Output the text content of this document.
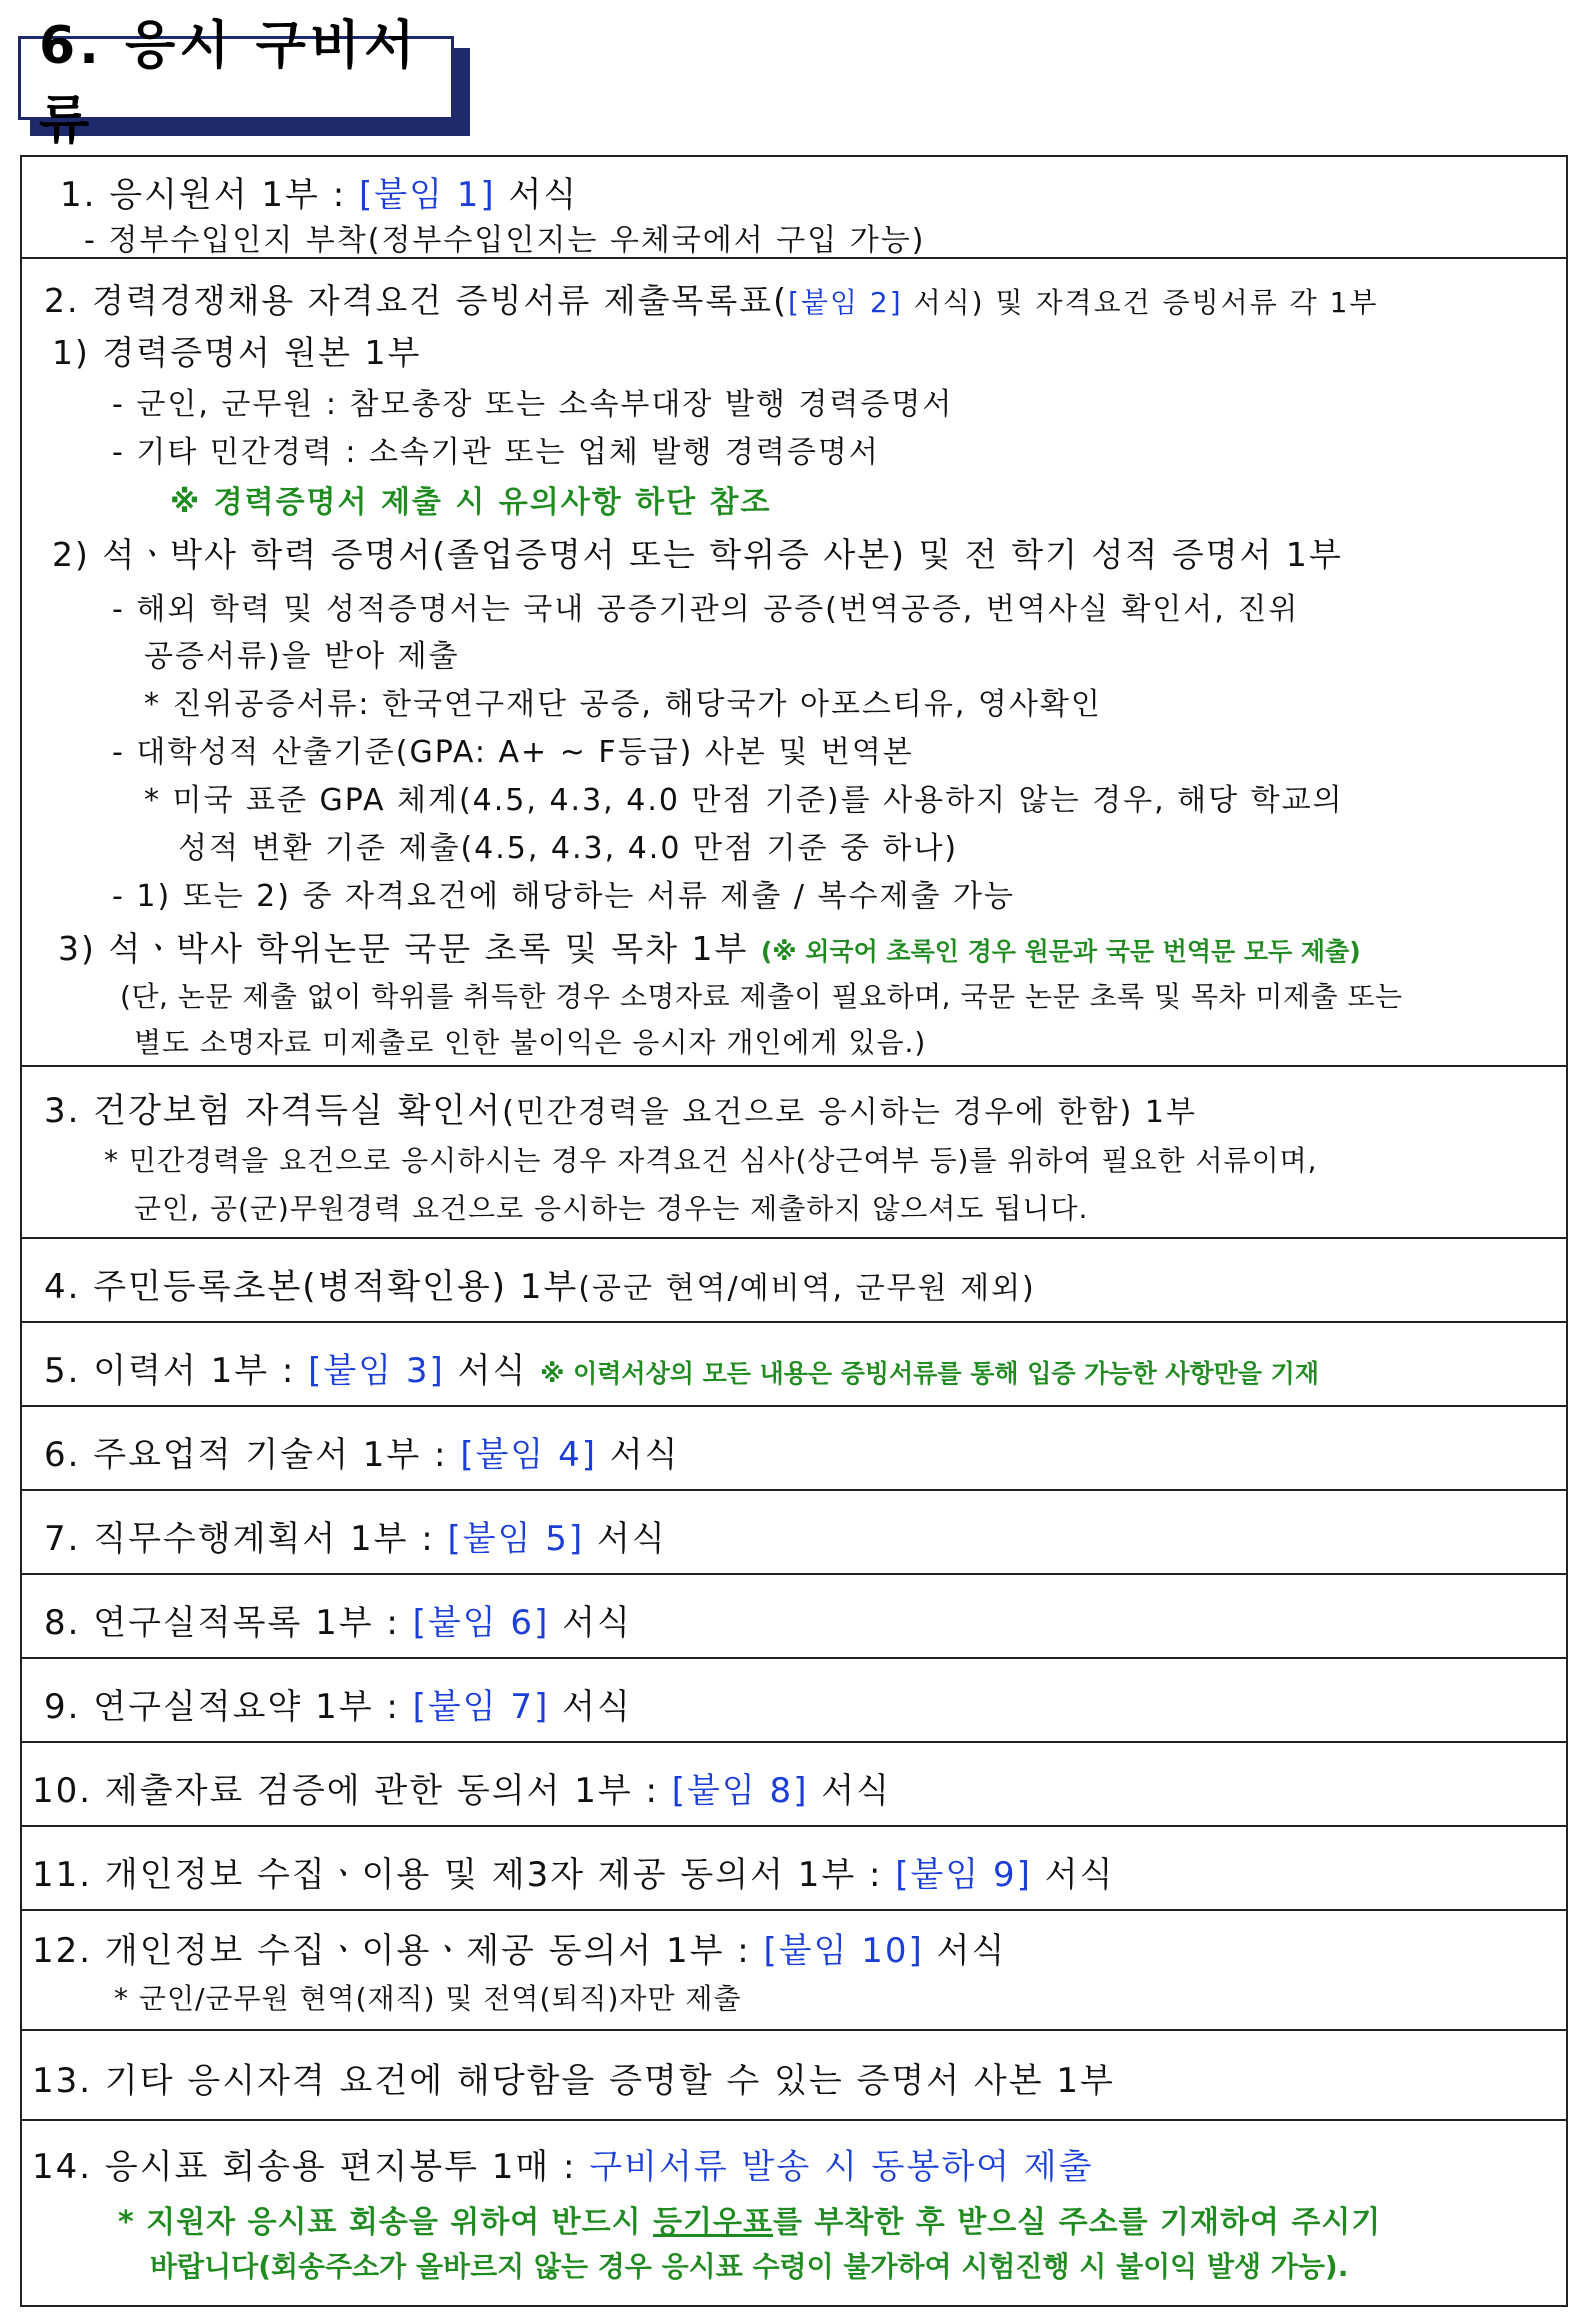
6. 응시 구비서류
1. 응시원서 1부 : [붙임 1] 서식
- 정부수입인지 부착(정부수입인지는 우체국에서 구입 가능)

2. 경력경쟁채용 자격요건 증빙서류 제출목록표([붙임 2] 서식) 및 자격요건 증빙서류 각 1부
1) 경력증명서 원본 1부
- 군인, 군무원 : 참모총장 또는 소속부대장 발행 경력증명서
- 기타 민간경력 : 소속기관 또는 업체 발행 경력증명서
※ 경력증명서 제출 시 유의사항 하단 참조
2) 석ㆍ박사 학력 증명서(졸업증명서 또는 학위증 사본) 및 전 학기 성적 증명서 1부
- 해외 학력 및 성적증명서는 국내 공증기관의 공증(번역공증, 번역사실 확인서, 진위
공증서류)을 받아 제출
* 진위공증서류: 한국연구재단 공증, 해당국가 아포스티유, 영사확인
- 대학성적 산출기준(GPA: A+ ~ F등급) 사본 및 번역본
* 미국 표준 GPA 체계(4.5, 4.3, 4.0 만점 기준)를 사용하지 않는 경우, 해당 학교의
성적 변환 기준 제출(4.5, 4.3, 4.0 만점 기준 중 하나)
- 1) 또는 2) 중 자격요건에 해당하는 서류 제출 / 복수제출 가능
3) 석ㆍ박사 학위논문 국문 초록 및 목차 1부 (※ 외국어 초록인 경우 원문과 국문 번역문 모두 제출)
(단, 논문 제출 없이 학위를 취득한 경우 소명자료 제출이 필요하며, 국문 논문 초록 및 목차 미제출 또는
별도 소명자료 미제출로 인한 불이익은 응시자 개인에게 있음.)

3. 건강보험 자격득실 확인서(민간경력을 요건으로 응시하는 경우에 한함) 1부
* 민간경력을 요건으로 응시하시는 경우 자격요건 심사(상근여부 등)를 위하여 필요한 서류이며,
군인, 공(군)무원경력 요건으로 응시하는 경우는 제출하지 않으셔도 됩니다.

4. 주민등록초본(병적확인용) 1부(공군 현역/예비역, 군무원 제외)

5. 이력서 1부 : [붙임 3] 서식 ※ 이력서상의 모든 내용은 증빙서류를 통해 입증 가능한 사항만을 기재

6. 주요업적 기술서 1부 : [붙임 4] 서식

7. 직무수행계획서 1부 : [붙임 5] 서식

8. 연구실적목록 1부 : [붙임 6] 서식

9. 연구실적요약 1부 : [붙임 7] 서식

10. 제출자료 검증에 관한 동의서 1부 : [붙임 8] 서식

11. 개인정보 수집ㆍ이용 및 제3자 제공 동의서 1부 : [붙임 9] 서식

12. 개인정보 수집ㆍ이용ㆍ제공 동의서 1부 : [붙임 10] 서식
* 군인/군무원 현역(재직) 및 전역(퇴직)자만 제출

13. 기타 응시자격 요건에 해당함을 증명할 수 있는 증명서 사본 1부

14. 응시표 회송용 편지봉투 1매 : 구비서류 발송 시 동봉하여 제출
* 지원자 응시표 회송을 위하여 반드시 등기우표를 부착한 후 받으실 주소를 기재하여 주시기
바랍니다(회송주소가 올바르지 않는 경우 응시표 수령이 불가하여 시험진행 시 불이익 발생 가능).
